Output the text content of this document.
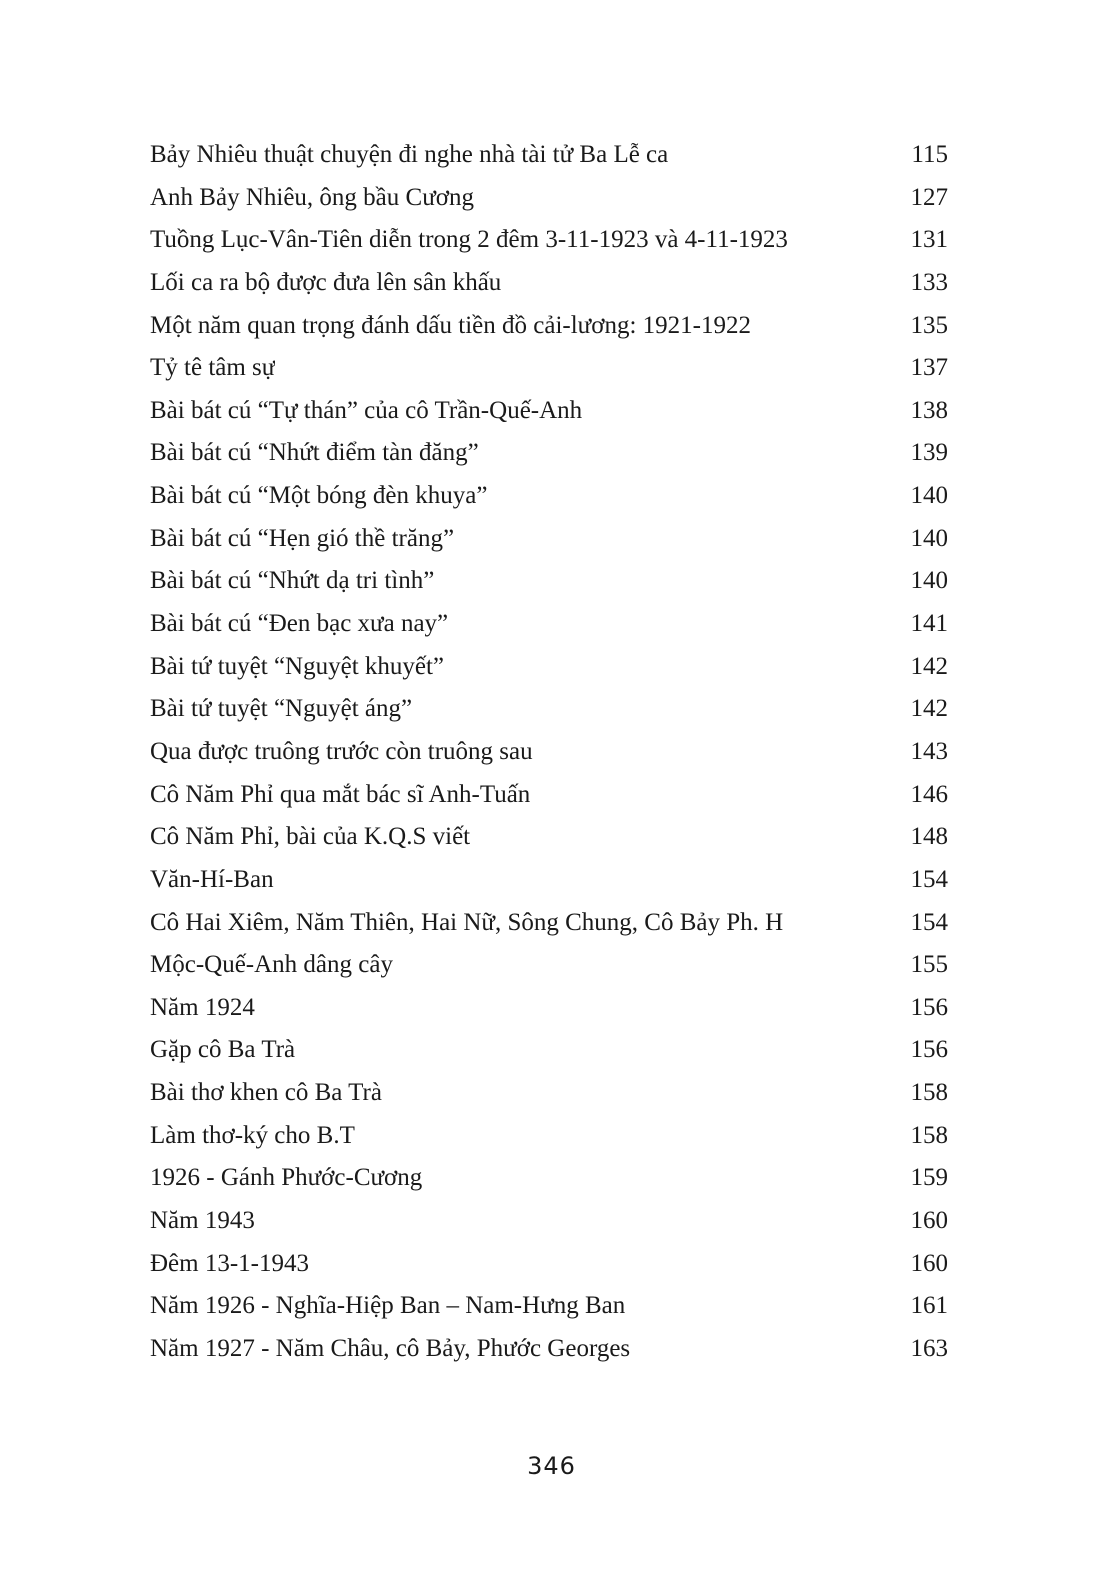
Bảy Nhiêu thuật chuyện đi nghe nhà tài tử Ba Lễ ca .....	115
Anh Bảy Nhiêu, ông bầu Cương .....	127
Tuồng Lục-Vân-Tiên diễn trong 2 đêm 3-11-1923 và 4-11-1923 .....	131
Lối ca ra bộ được đưa lên sân khấu .....	133
Một năm quan trọng đánh dấu tiền đồ cải-lương: 1921-1922 .....	135
Tỷ tê tâm sự .....	137
Bài bát cú “Tự thán” của cô Trần-Quế-Anh .....	138
Bài bát cú “Nhứt điểm tàn đăng” .....	139
Bài bát cú “Một bóng đèn khuya” .....	140
Bài bát cú “Hẹn gió thề trăng” .....	140
Bài bát cú “Nhứt dạ tri tình” .....	140
Bài bát cú “Đen bạc xưa nay” .....	141
Bài tứ tuyệt “Nguyệt khuyết” .....	142
Bài tứ tuyệt “Nguyệt áng” .....	142
Qua được truông trước còn truông sau .....	143
Cô Năm Phỉ qua mắt bác sĩ Anh-Tuấn .....	146
Cô Năm Phỉ, bài của K.Q.S viết .....	148
Văn-Hí-Ban .....	154
Cô Hai Xiêm, Năm Thiên, Hai Nữ, Sông Chung, Cô Bảy Ph. H .....	154
Mộc-Quế-Anh dâng cây .....	155
Năm 1924 .....	156
Gặp cô Ba Trà .....	156
Bài thơ khen cô Ba Trà .....	158
Làm thơ-ký cho B.T .....	158
1926 - Gánh Phước-Cương .....	159
Năm 1943 .....	160
Đêm 13-1-1943 .....	160
Năm 1926 - Nghĩa-Hiệp Ban – Nam-Hưng Ban .....	161
Năm 1927 - Năm Châu, cô Bảy, Phước Georges .....	163
346
